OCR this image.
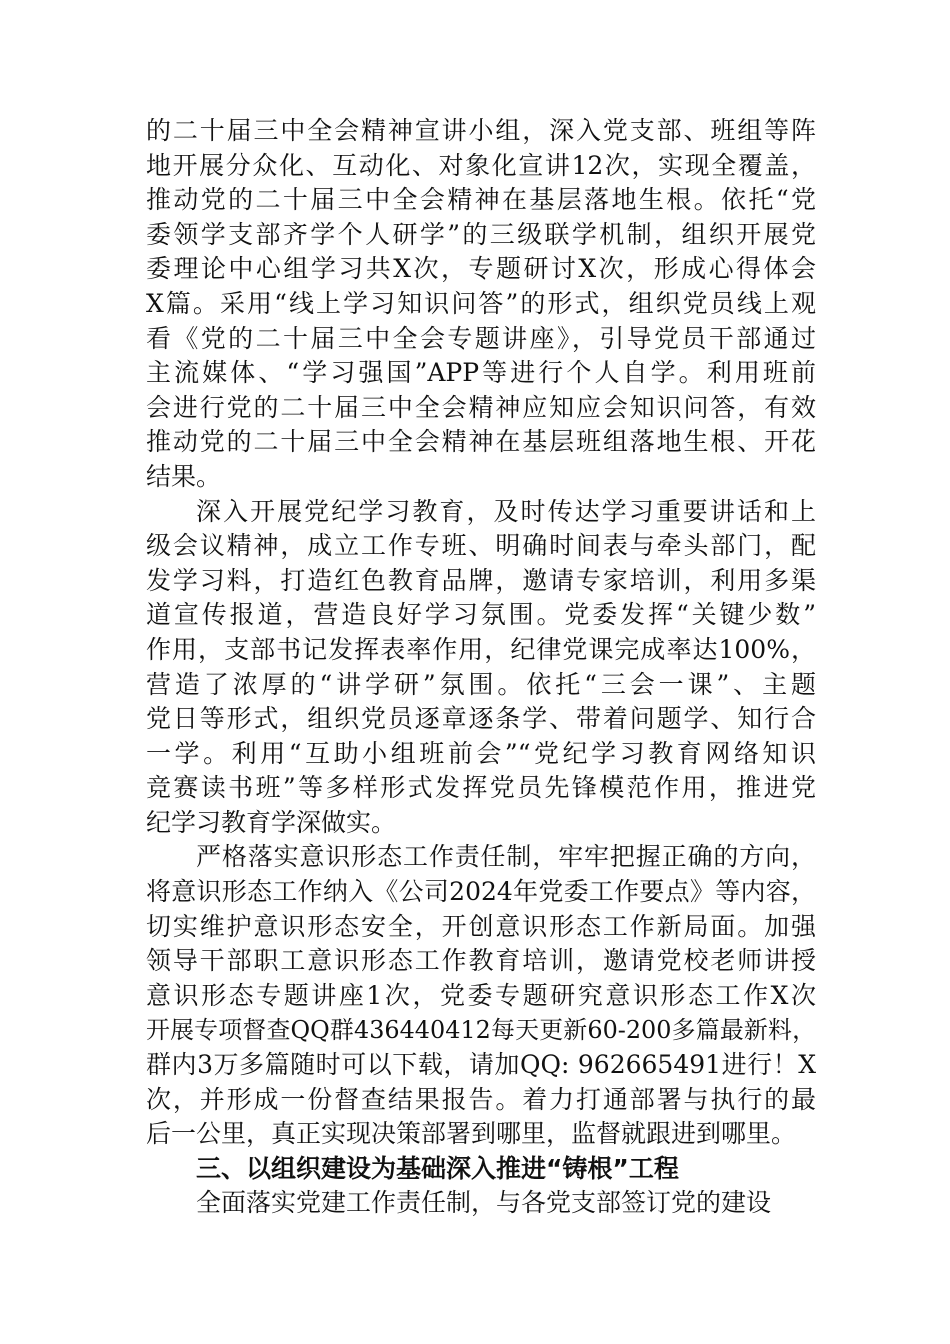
的二十届三中全会精神宣讲小组，深入党支部、班组等阵
地开展分众化、互动化、对象化宣讲12次，实现全覆盖，
推动党的二十届三中全会精神在基层落地生根。依托“党
委领学支部齐学个人研学”的三级联学机制，组织开展党
委理论中心组学习共X次，专题研讨X次，形成心得体会
X篇。采用“线上学习知识问答”的形式，组织党员线上观
看《党的二十届三中全会专题讲座》，引导党员干部通过
主流媒体、“学习强国”APP等进行个人自学。利用班前
会进行党的二十届三中全会精神应知应会知识问答，有效
推动党的二十届三中全会精神在基层班组落地生根、开花
结果。
深入开展党纪学习教育，及时传达学习重要讲话和上
级会议精神，成立工作专班、明确时间表与牵头部门，配
发学习料，打造红色教育品牌，邀请专家培训，利用多渠
道宣传报道，营造良好学习氛围。党委发挥“关键少数”
作用，支部书记发挥表率作用，纪律党课完成率达100%，
营造了浓厚的“讲学研”氛围。依托“三会一课”、主题
党日等形式，组织党员逐章逐条学、带着问题学、知行合
一学。利用“互助小组班前会”“党纪学习教育网络知识
竞赛读书班”等多样形式发挥党员先锋模范作用，推进党
纪学习教育学深做实。
严格落实意识形态工作责任制，牢牢把握正确的方向，
将意识形态工作纳入《公司2024年党委工作要点》等内容，
切实维护意识形态安全，开创意识形态工作新局面。加强
领导干部职工意识形态工作教育培训，邀请党校老师讲授
意识形态专题讲座1次，党委专题研究意识形态工作X次
开展专项督查QQ群436440412每天更新60-200多篇最新料，
群内3万多篇随时可以下载，请加QQ: 962665491进行！X
次，并形成一份督查结果报告。着力打通部署与执行的最
后一公里，真正实现决策部署到哪里，监督就跟进到哪里。
三、以组织建设为基础深入推进“铸根”工程
全面落实党建工作责任制，与各党支部签订党的建设
